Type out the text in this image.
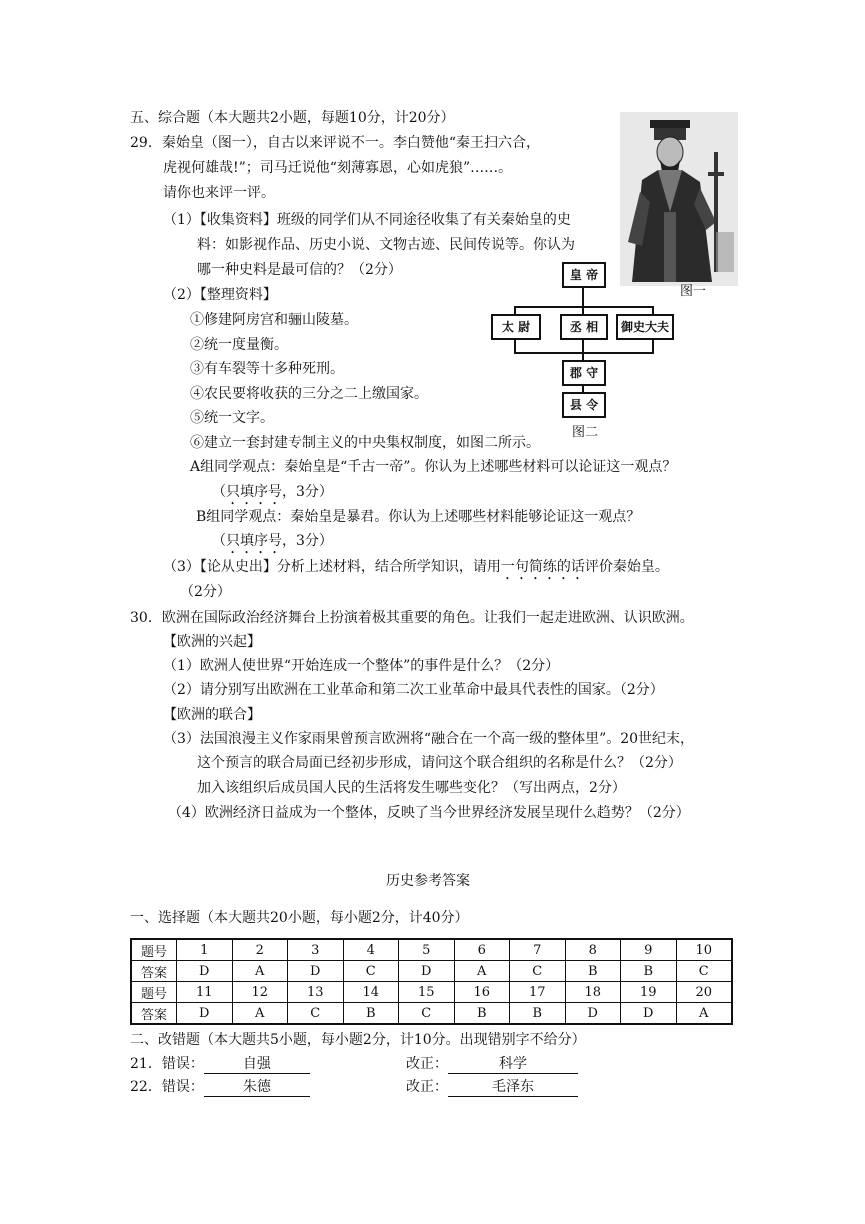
五、综合题（本大题共2小题，每题10分，计20分）
29．秦始皇（图一），自古以来评说不一。李白赞他“秦王扫六合，
虎视何雄哉!”；司马迁说他“刻薄寡恩，心如虎狼”……。
请你也来评一评。
（1）【收集资料】班级的同学们从不同途径收集了有关秦始皇的史
料：如影视作品、历史小说、文物古迹、民间传说等。你认为
哪一种史料是最可信的？（2分）
（2）【整理资料】
①修建阿房宫和骊山陵墓。
②统一度量衡。
③有车裂等十多种死刑。
④农民要将收获的三分之二上缴国家。
⑤统一文字。
⑥建立一套封建专制主义的中央集权制度，如图二所示。
A组同学观点：秦始皇是“千古一帝”。你认为上述哪些材料可以论证这一观点？
（只填序号，3分）
B组同学观点：秦始皇是暴君。你认为上述哪些材料能够论证这一观点？
（只填序号，3分）
（3）【论从史出】分析上述材料，结合所学知识，请用一句简练的话评价秦始皇。
（2分）
30．欧洲在国际政治经济舞台上扮演着极其重要的角色。让我们一起走进欧洲、认识欧洲。
【欧洲的兴起】
（1）欧洲人使世界“开始连成一个整体”的事件是什么？（2分）
（2）请分别写出欧洲在工业革命和第二次工业革命中最具代表性的国家。（2分）
【欧洲的联合】
（3）法国浪漫主义作家雨果曾预言欧洲将“融合在一个高一级的整体里”。20世纪末，
这个预言的联合局面已经初步形成，请问这个联合组织的名称是什么？（2分）
加入该组织后成员国人民的生活将发生哪些变化？（写出两点，2分）
（4）欧洲经济日益成为一个整体，反映了当今世界经济发展呈现什么趋势？（2分）
图一
皇 帝
太 尉	丞 相	御史大夫
郡 守
县 令
图二
历史参考答案
一、选择题（本大题共20小题，每小题2分，计40分）
题号	1	2	3	4	5	6	7	8	9	10
答案	D	A	D	C	D	A	C	B	B	C
题号	11	12	13	14	15	16	17	18	19	20
答案	D	A	C	B	C	B	B	D	D	A
二、改错题（本大题共5小题，每小题2分，计10分。出现错别字不给分）
21．错误：	自强	改正：	科学
22．错误：	朱德	改正：	毛泽东
